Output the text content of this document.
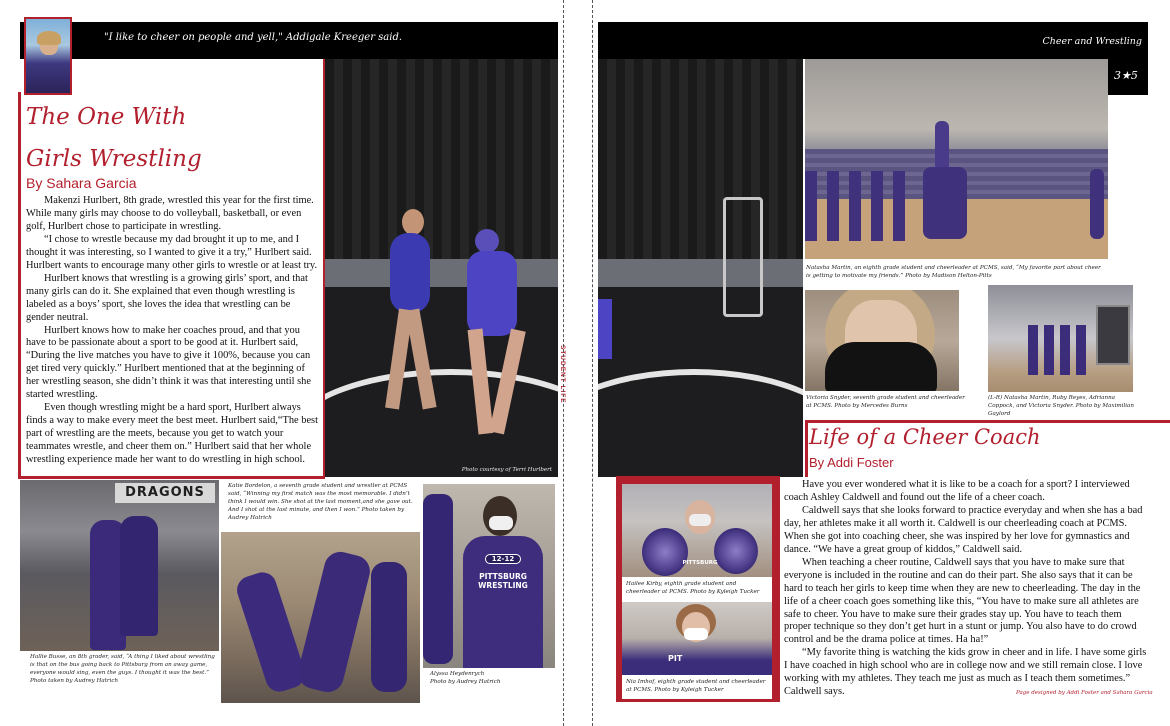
"I like to cheer on people and yell," Addigale Kreeger said.
The One With
Girls Wrestling
By Sahara Garcia

Makenzi Hurlbert, 8th grade, wrestled this year for the first time. While many girls may choose to do volleyball, basketball, or even golf, Hurlbert chose to participate in wrestling.

“I chose to wrestle because my dad brought it up to me, and I thought it was interesting, so I wanted to give it a try,” Hurlbert said. Hurlbert wants to encourage many other girls to wrestle or at least try.

Hurlbert knows that wrestling is a growing girls’ sport, and that many girls can do it. She explained that even though wrestling is labeled as a boys’ sport, she loves the idea that wrestling can be gender neutral.

Hurlbert knows how to make her coaches proud, and that you have to be passionate about a sport to be good at it. Hurlbert said, “During the live matches you have to give it 100%, because you can get tired very quickly.” Hurlbert mentioned that at the beginning of her wrestling season, she didn’t think it was that interesting until she started wrestling.

Even though wrestling might be a hard sport, Hurlbert always finds a way to make every meet the best meet. Hurlbert said,“The best part of wrestling are the meets, because you get to watch your teammates wrestle, and cheer them on.” Hurlbert said that her whole wrestling experience made her want to do wrestling in high school.

Photo courtesy of Terri Hurlbert
STUDENT LIFE
DRAGONS
Hallie Busse, an 8th grader, said, “A thing I liked about wrestling is that on the bus going back to Pittsburg from an away game, everyone would sing, even the guys. I thought it was the best.” Photo taken by Audrey Hatrich
Katie Bordelon, a seventh grade student and wrestler at PCMS said, “Winning my first match was the most memorable. I didn’t think I would win. She shot at the last moment,and she gave out. And I shot at the last minute, and then I won.” Photo taken by Audrey Hatrich
PITTSBURG WRESTLING
12-12
Alyssa Heydenrych
Photo by Audrey Hatrich
Cheer and Wrestling
3★5
Natasha Martin, an eighth grade student and cheerleader at PCMS, said, “My favorite part about cheer is getting to motivate my friends.” Photo by Madison Helton-Pitts
Victoria Snyder, seventh grade student and cheerleader at PCMS. Photo by Mercedes Burns
(L-R) Natasha Martin, Ruby Reyes, Adrianna Coppock, and Victoria Snyder. Photo by Maximilian Gaylord
Life of a Cheer Coach
By Addi Foster
PITTSBURG
Hailee Kirby, eighth grade student and cheerleader at PCMS. Photo by Kyleigh Tucker
PIT
Nia Imhof, eighth grade student and cheerleader at PCMS. Photo by Kyleigh Tucker

Have you ever wondered what it is like to be a coach for a sport? I interviewed coach Ashley Caldwell and found out the life of a cheer coach.

Caldwell says that she looks forward to practice everyday and when she has a bad day, her athletes make it all worth it. Caldwell is our cheerleading coach at PCMS. When she got into coaching cheer, she was inspired by her love for gymnastics and dance. “We have a great group of kiddos,” Caldwell said.

When teaching a cheer routine, Caldwell says that you have to make sure that everyone is included in the routine and can do their part. She also says that it can be hard to teach her girls to keep time when they are new to cheerleading. The day in the life of a cheer coach goes something like this, “You have to make sure all athletes are safe to cheer. You have to make sure their grades stay up. You have to teach them proper technique so they don’t get hurt in a stunt or jump. You also have to do crowd control and be the drama police at times. Ha ha!”

“My favorite thing is watching the kids grow in cheer and in life. I have some girls I have coached in high school who are in college now and we still remain close. I love working with my athletes. They teach me just as much as I teach them sometimes.” Caldwell says.	Page designed by Addi Foster and Sahara Garcia
